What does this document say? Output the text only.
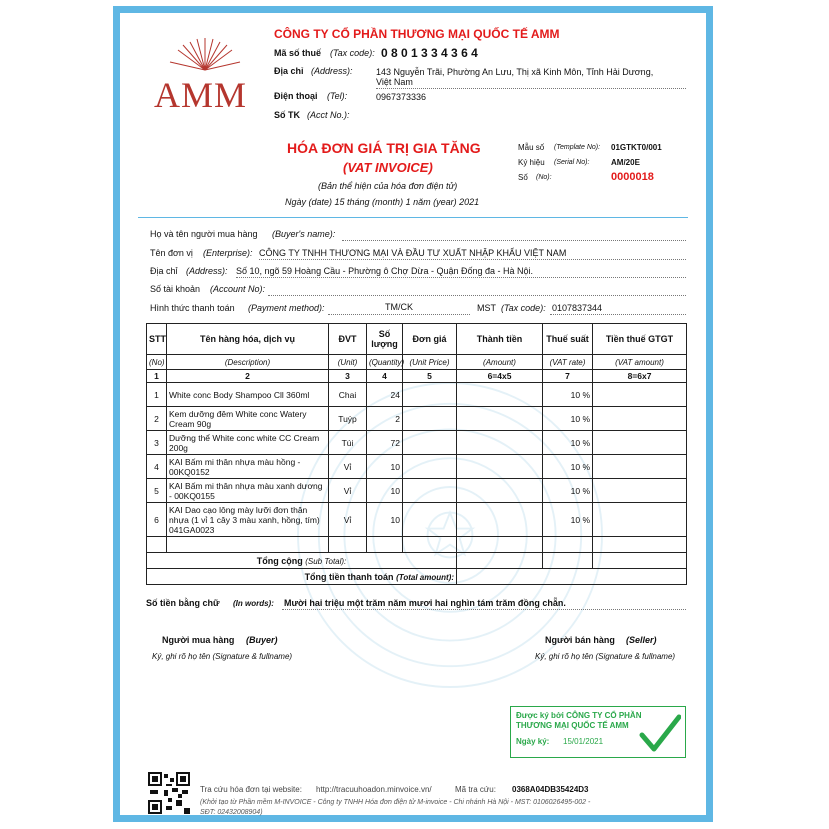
AMM
CÔNG TY CỔ PHẦN THƯƠNG MẠI QUỐC TẾ AMM
Mã số thuế (Tax code): 0 8 0 1 3 3 4 3 6 4
Địa chỉ (Address):	143 Nguyễn Trãi, Phường An Lưu, Thị xã Kinh Môn, Tỉnh Hải Dương,
Việt Nam
Điện thoại (Tel):	0967373336
Số TK (Acct No.):
HÓA ĐƠN GIÁ TRỊ GIA TĂNG
(VAT INVOICE)
(Bản thể hiện của hóa đơn điện tử)
Ngày (date) 15 tháng (month) 1 năm (year) 2021
Mẫu số (Template No): 01GTKT0/001
Ký hiệu (Serial No):	AM/20E
Số (No):	0000018
Họ và tên người mua hàng (Buyer's name):
Tên đơn vị (Enterprise): CÔNG TY TNHH THƯƠNG MẠI VÀ ĐẦU TƯ XUẤT NHẬP KHẨU VIỆT NAM
Địa chỉ (Address): Số 10, ngõ 59 Hoàng Cầu - Phường ô Chợ Dừa - Quận Đống đa - Hà Nội.
Số tài khoản (Account No):
Hình thức thanh toán (Payment method):	TM/CK	MST (Tax code): 0107837344
STT	Tên hàng hóa, dịch vụ	ĐVT	Số lượng	Đơn giá	Thành tiền	Thuế suất	Tiền thuế GTGT
(No)	(Description)	(Unit)	(Quantity)	(Unit Price)	(Amount)	(VAT rate)	(VAT amount)
1	2	3	4	5	6=4x5	7	8=6x7
1	White conc Body Shampoo Cll 360ml	Chai	24			10 %	
2	Kem dưỡng đêm White conc Watery Cream 90g	Tuýp	2			10 %	
3	Dưỡng thể White conc white CC Cream 200g	Túi	72			10 %	
4	KAI Bấm mi thân nhựa màu hồng - 00KQ0152	Vỉ	10			10 %	
5	KAI Bấm mi thân nhựa màu xanh dương - 00KQ0155	Vỉ	10			10 %	
6	KAI Dao cạo lông mày lưỡi đơn thân nhựa (1 vỉ 1 cây 3 màu xanh, hồng, tím) 041GA0023	Vỉ	10			10 %	

Tổng cộng (Sub Total):							
Tổng tiền thanh toán (Total amount):							
Số tiền bằng chữ (In words): Mười hai triệu một trăm năm mươi hai nghìn tám trăm đồng chẵn.
Người mua hàng (Buyer)
Ký, ghi rõ họ tên (Signature & fullname)
Người bán hàng (Seller)
Ký, ghi rõ họ tên (Signature & fullname)
Được ký bởi CÔNG TY CỔ PHẦN
THƯƠNG MẠI QUỐC TẾ AMM
Ngày ký: 15/01/2021
Tra cứu hóa đơn tại website: http://tracuuhoadon.minvoice.vn/	Mã tra cứu: 0368A04DB35424D3
(Khởi tạo từ Phần mềm M-INVOICE - Công ty TNHH Hóa đơn điện tử M-invoice - Chi nhánh Hà Nội - MST: 0106026495-002 -
SĐT: 02432008904)
